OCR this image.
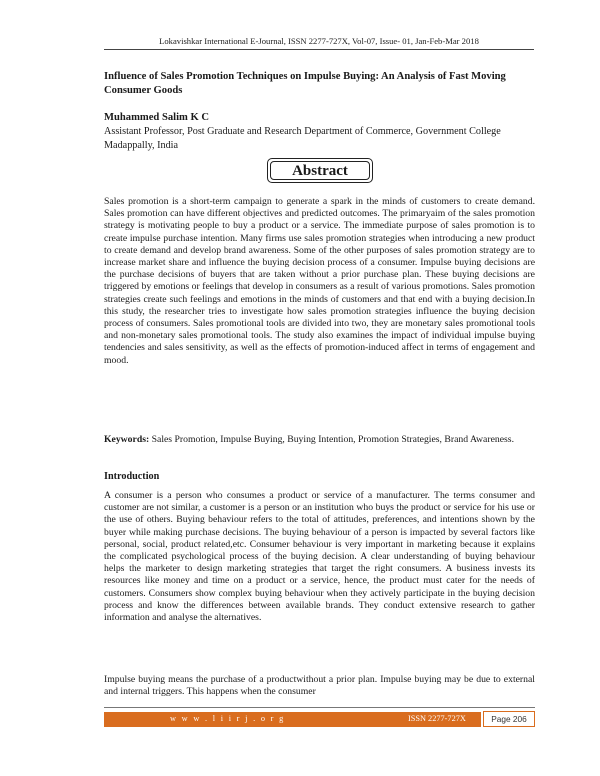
Lokavishkar International E-Journal, ISSN 2277-727X, Vol-07, Issue- 01, Jan-Feb-Mar 2018
Influence of Sales Promotion Techniques on Impulse Buying: An Analysis of Fast Moving Consumer Goods
Muhammed Salim K C
Assistant Professor, Post Graduate and Research Department of Commerce, Government College Madappally, India
Abstract

Sales promotion is a short-term campaign to generate a spark in the minds of customers to create demand. Sales promotion can have different objectives and predicted outcomes. The primaryaim of the sales promotion strategy is motivating people to buy a product or a service. The immediate purpose of sales promotion is to create impulse purchase intention. Many firms use sales promotion strategies when introducing a new product to create demand and develop brand awareness. Some of the other purposes of sales promotion strategy are to increase market share and influence the buying decision process of a consumer. Impulse buying decisions are the purchase decisions of buyers that are taken without a prior purchase plan. These buying decisions are triggered by emotions or feelings that develop in consumers as a result of various promotions. Sales promotion strategies create such feelings and emotions in the minds of customers and that end with a buying decision.In this study, the researcher tries to investigate how sales promotion strategies influence the buying decision process of consumers. Sales promotional tools are divided into two, they are monetary sales promotional tools and non-monetary sales promotional tools. The study also examines the impact of individual impulse buying tendencies and sales sensitivity, as well as the effects of promotion-induced affect in terms of engagement and mood.

Keywords: Sales Promotion, Impulse Buying, Buying Intention, Promotion Strategies, Brand Awareness.

Introduction

A consumer is a person who consumes a product or service of a manufacturer. The terms consumer and customer are not similar, a customer is a person or an institution who buys the product or service for his use or the use of others. Buying behaviour refers to the total of attitudes, preferences, and intentions shown by the buyer while making purchase decisions. The buying behaviour of a person is impacted by several factors like personal, social, product related,etc. Consumer behaviour is very important in marketing because it explains the complicated psychological process of the buying decision. A clear understanding of buying behaviour helps the marketer to design marketing strategies that target the right consumers. A business invests its resources like money and time on a product or a service, hence, the product must cater for the needs of customers. Consumers show complex buying behaviour when they actively participate in the buying decision process and know the differences between available brands. They conduct extensive research to gather information and analyse the alternatives.

Impulse buying means the purchase of a productwithout a prior plan. Impulse buying may be due to external and internal triggers. This happens when the consumer

w w w . l i i r j . o r g	ISSN 2277-727X	Page 206
